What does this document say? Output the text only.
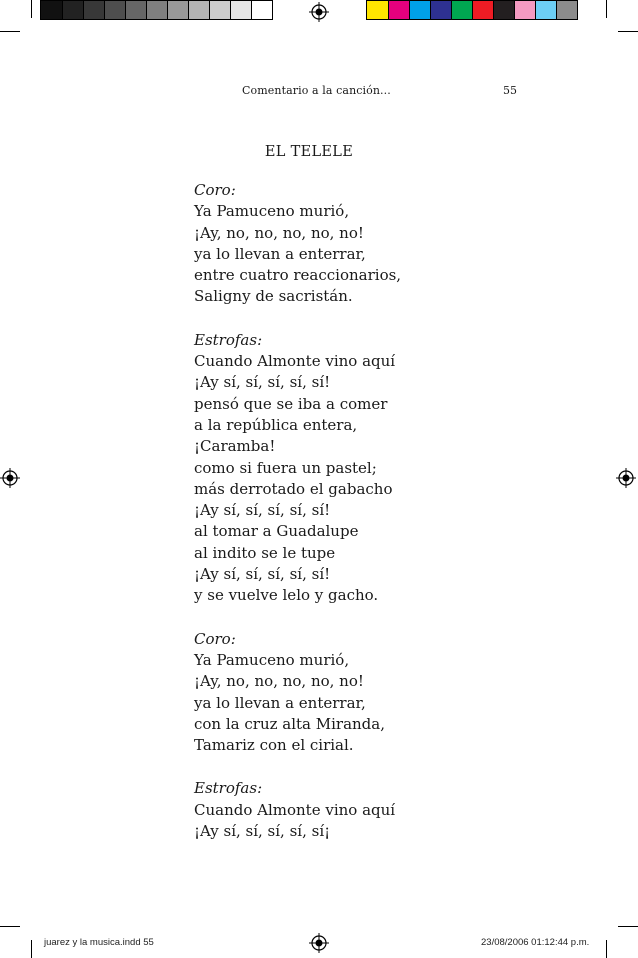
Comentario a la canción...	55
EL TELELE
Coro:
Ya Pamuceno murió,
¡Ay, no, no, no, no, no!
ya lo llevan a enterrar,
entre cuatro reaccionarios,
Saligny de sacristán.
Estrofas:
Cuando Almonte vino aquí
¡Ay sí, sí, sí, sí, sí!
pensó que se iba a comer
a la república entera,
¡Caramba!
como si fuera un pastel;
más derrotado el gabacho
¡Ay sí, sí, sí, sí, sí!
al tomar a Guadalupe
al indito se le tupe
¡Ay sí, sí, sí, sí, sí!
y se vuelve lelo y gacho.
Coro:
Ya Pamuceno murió,
¡Ay, no, no, no, no, no!
ya lo llevan a enterrar,
con la cruz alta Miranda,
Tamariz con el cirial.
Estrofas:
Cuando Almonte vino aquí
¡Ay sí, sí, sí, sí, sí¡
juarez y la musica.indd 55	23/08/2006 01:12:44 p.m.
